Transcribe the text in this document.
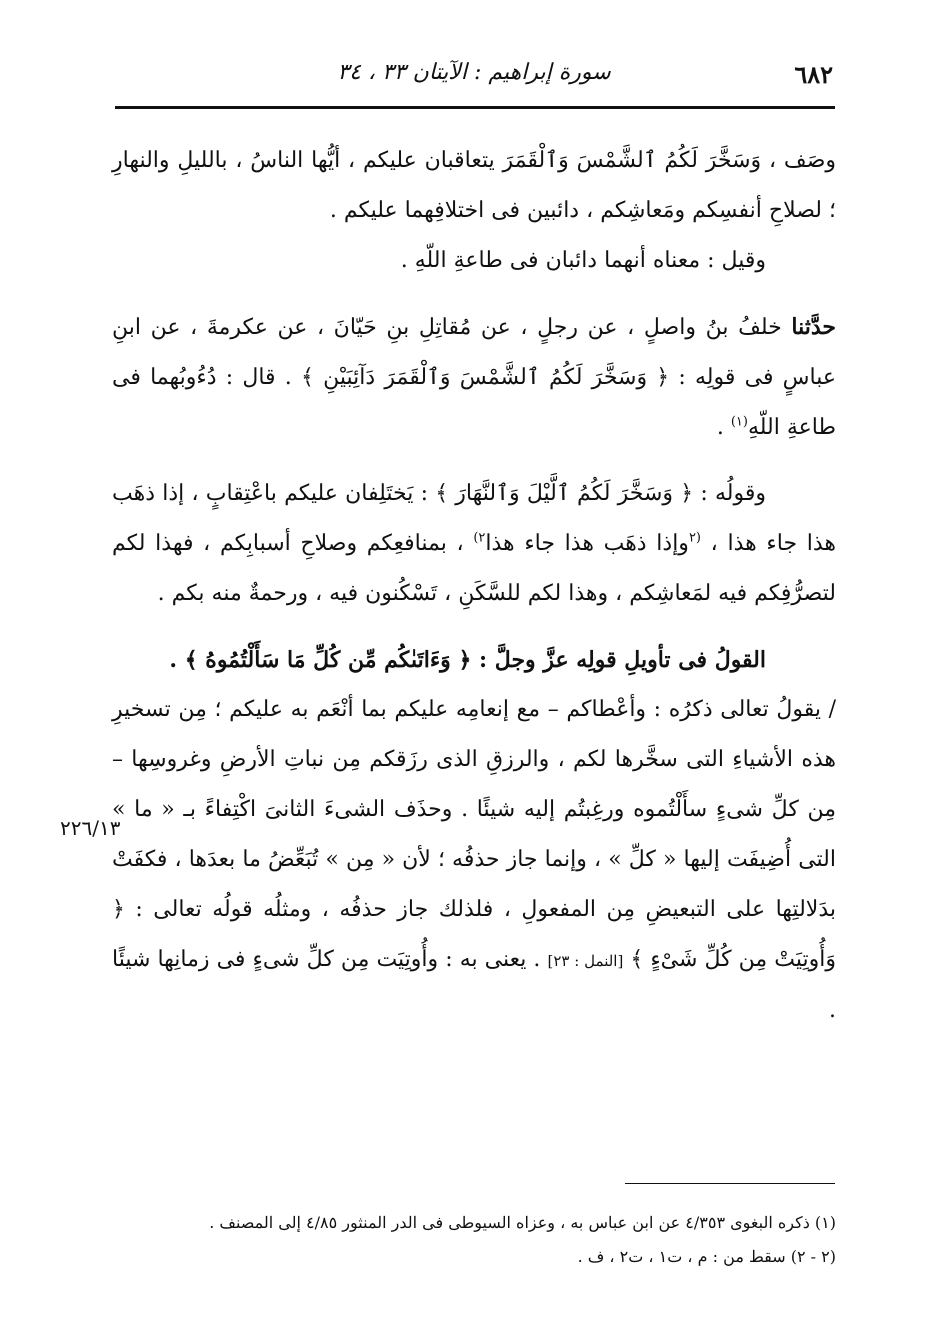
٦٨٢
سورة إبراهيم : الآيتان ٣٣ ، ٣٤

وصَف ، وَسَخَّرَ لَكُمُ ٱلشَّمْسَ وَٱلْقَمَرَ يتعاقبان عليكم ، أيُّها الناسُ ، بالليلِ والنهارِ ؛ لصلاحِ أنفسِكم ومَعاشِكم ، دائبين فى اختلافِهما عليكم .

وقيل : معناه أنهما دائبان فى طاعةِ اللّهِ .

حدَّثنا خلفُ بنُ واصلٍ ، عن رجلٍ ، عن مُقاتِلِ بنِ حَيّانَ ، عن عكرمةَ ، عن ابنِ عباسٍ فى قولِه : ﴿ وَسَخَّرَ لَكُمُ ٱلشَّمْسَ وَٱلْقَمَرَ دَآئِبَيْنِ ﴾ . قال : دُءُوبُهما فى طاعةِ اللّهِ$^{(١)}$ .

وقولُه : ﴿ وَسَخَّرَ لَكُمُ ٱلَّيْلَ وَٱلنَّهَارَ ﴾ : يَختَلِفان عليكم باعْتِقابٍ ، إذا ذهَب هذا جاء هذا ، $^{(٢}$وإذا ذهَب هذا جاء هذا$^{٢)}$ ، بمنافعِكم وصلاحِ أسبابِكم ، فهذا لكم لتصرُّفِكم فيه لمَعاشِكم ، وهذا لكم للسَّكَنِ ، تَسْكُنون فيه ، ورحمةٌ منه بكم .

القولُ فى تأويلِ قولِه عزَّ وجلَّ : ﴿ وَءَاتَىٰكُم مِّن كُلِّ مَا سَأَلْتُمُوهُ ﴾ .

/ يقولُ تعالى ذكرُه : وأعْطاكم – مع إنعامِه عليكم بما أنْعَم به عليكم ؛ مِن تسخيرِ هذه الأشياءِ التى سخَّرها لكم ، والرزقِ الذى رزَقكم مِن نباتِ الأرضِ وغروسِها – مِن كلِّ شىءٍ سأَلْتُموه ورغِبتُم إليه شيئًا . وحذَف الشىءَ الثانىَ اكْتِفاءً بـ « ما » التى أُضِيفَت إليها « كلِّ » ، وإنما جاز حذفُه ؛ لأن « مِن » تُبَعِّضُ ما بعدَها ، فكفَتْ بدَلالتِها على التبعيضِ مِن المفعولِ ، فلذلك جاز حذفُه ، ومثلُه قولُه تعالى : ﴿ وَأُوتِيَتْ مِن كُلِّ شَىْءٍ ﴾ [النمل : ٢٣] . يعنى به : وأُوتِيَت مِن كلِّ شىءٍ فى زمانِها شيئًا .

٢٢٦/١٣

(١) ذكره البغوى ٤/٣٥٣ عن ابن عباس به ، وعزاه السيوطى فى الدر المنثور ٤/٨٥ إلى المصنف .

(٢ - ٢) سقط من : م ، ت١ ، ت٢ ، ف .
